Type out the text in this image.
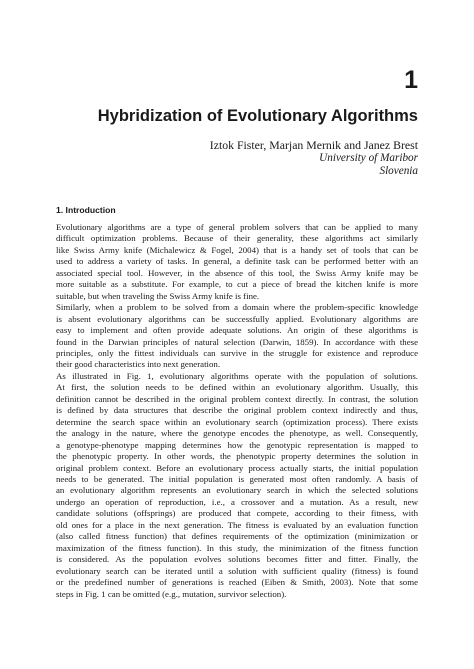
1
Hybridization of Evolutionary Algorithms
Iztok Fister, Marjan Mernik and Janez Brest
University of Maribor
Slovenia
1. Introduction

Evolutionary algorithms are a type of general problem solvers that can be applied to many
difficult optimization problems. Because of their generality, these algorithms act similarly
like Swiss Army knife (Michalewicz & Fogel, 2004) that is a handy set of tools that can be
used to address a variety of tasks. In general, a definite task can be performed better with an
associated special tool. However, in the absence of this tool, the Swiss Army knife may be
more suitable as a substitute. For example, to cut a piece of bread the kitchen knife is more
suitable, but when traveling the Swiss Army knife is fine.

Similarly, when a problem to be solved from a domain where the problem-specific knowledge
is absent evolutionary algorithms can be successfully applied. Evolutionary algorithms are
easy to implement and often provide adequate solutions. An origin of these algorithms is
found in the Darwian principles of natural selection (Darwin, 1859). In accordance with these
principles, only the fittest individuals can survive in the struggle for existence and reproduce
their good characteristics into next generation.

As illustrated in Fig. 1, evolutionary algorithms operate with the population of solutions.
At first, the solution needs to be defined within an evolutionary algorithm. Usually, this
definition cannot be described in the original problem context directly. In contrast, the solution
is defined by data structures that describe the original problem context indirectly and thus,
determine the search space within an evolutionary search (optimization process). There exists
the analogy in the nature, where the genotype encodes the phenotype, as well. Consequently,
a genotype-phenotype mapping determines how the genotypic representation is mapped to
the phenotypic property. In other words, the phenotypic property determines the solution in
original problem context. Before an evolutionary process actually starts, the initial population
needs to be generated. The initial population is generated most often randomly. A basis of
an evolutionary algorithm represents an evolutionary search in which the selected solutions
undergo an operation of reproduction, i.e., a crossover and a mutation. As a result, new
candidate solutions (offsprings) are produced that compete, according to their fitness, with
old ones for a place in the next generation. The fitness is evaluated by an evaluation function
(also called fitness function) that defines requirements of the optimization (minimization or
maximization of the fitness function). In this study, the minimization of the fitness function
is considered. As the population evolves solutions becomes fitter and fitter. Finally, the
evolutionary search can be iterated until a solution with sufficient quality (fitness) is found
or the predefined number of generations is reached (Eiben & Smith, 2003). Note that some
steps in Fig. 1 can be omitted (e.g., mutation, survivor selection).
